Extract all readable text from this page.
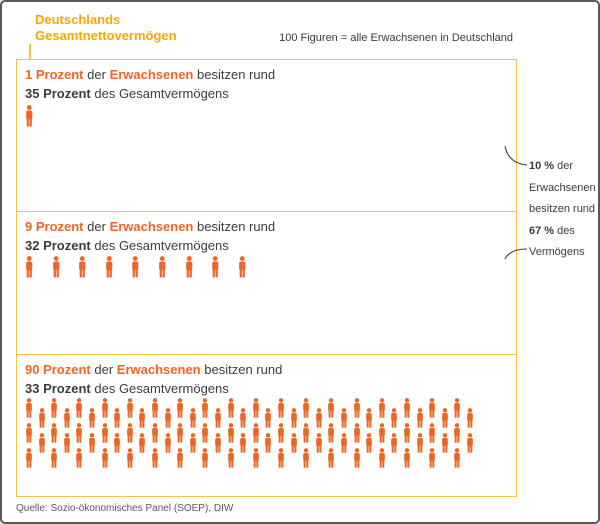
Deutschlands
Gesamtnettovermögen	100 Figuren = alle Erwachsenen in Deutschland
1 Prozent der Erwachsenen besitzen rund
35 Prozent des Gesamtvermögens
9 Prozent der Erwachsenen besitzen rund
32 Prozent des Gesamtvermögens
90 Prozent der Erwachsenen besitzen rund
33 Prozent des Gesamtvermögens
10 % der
Erwachsenen
besitzen rund
67 % des
Vermögens
Quelle: Sozio-ökonomisches Panel (SOEP), DIW
